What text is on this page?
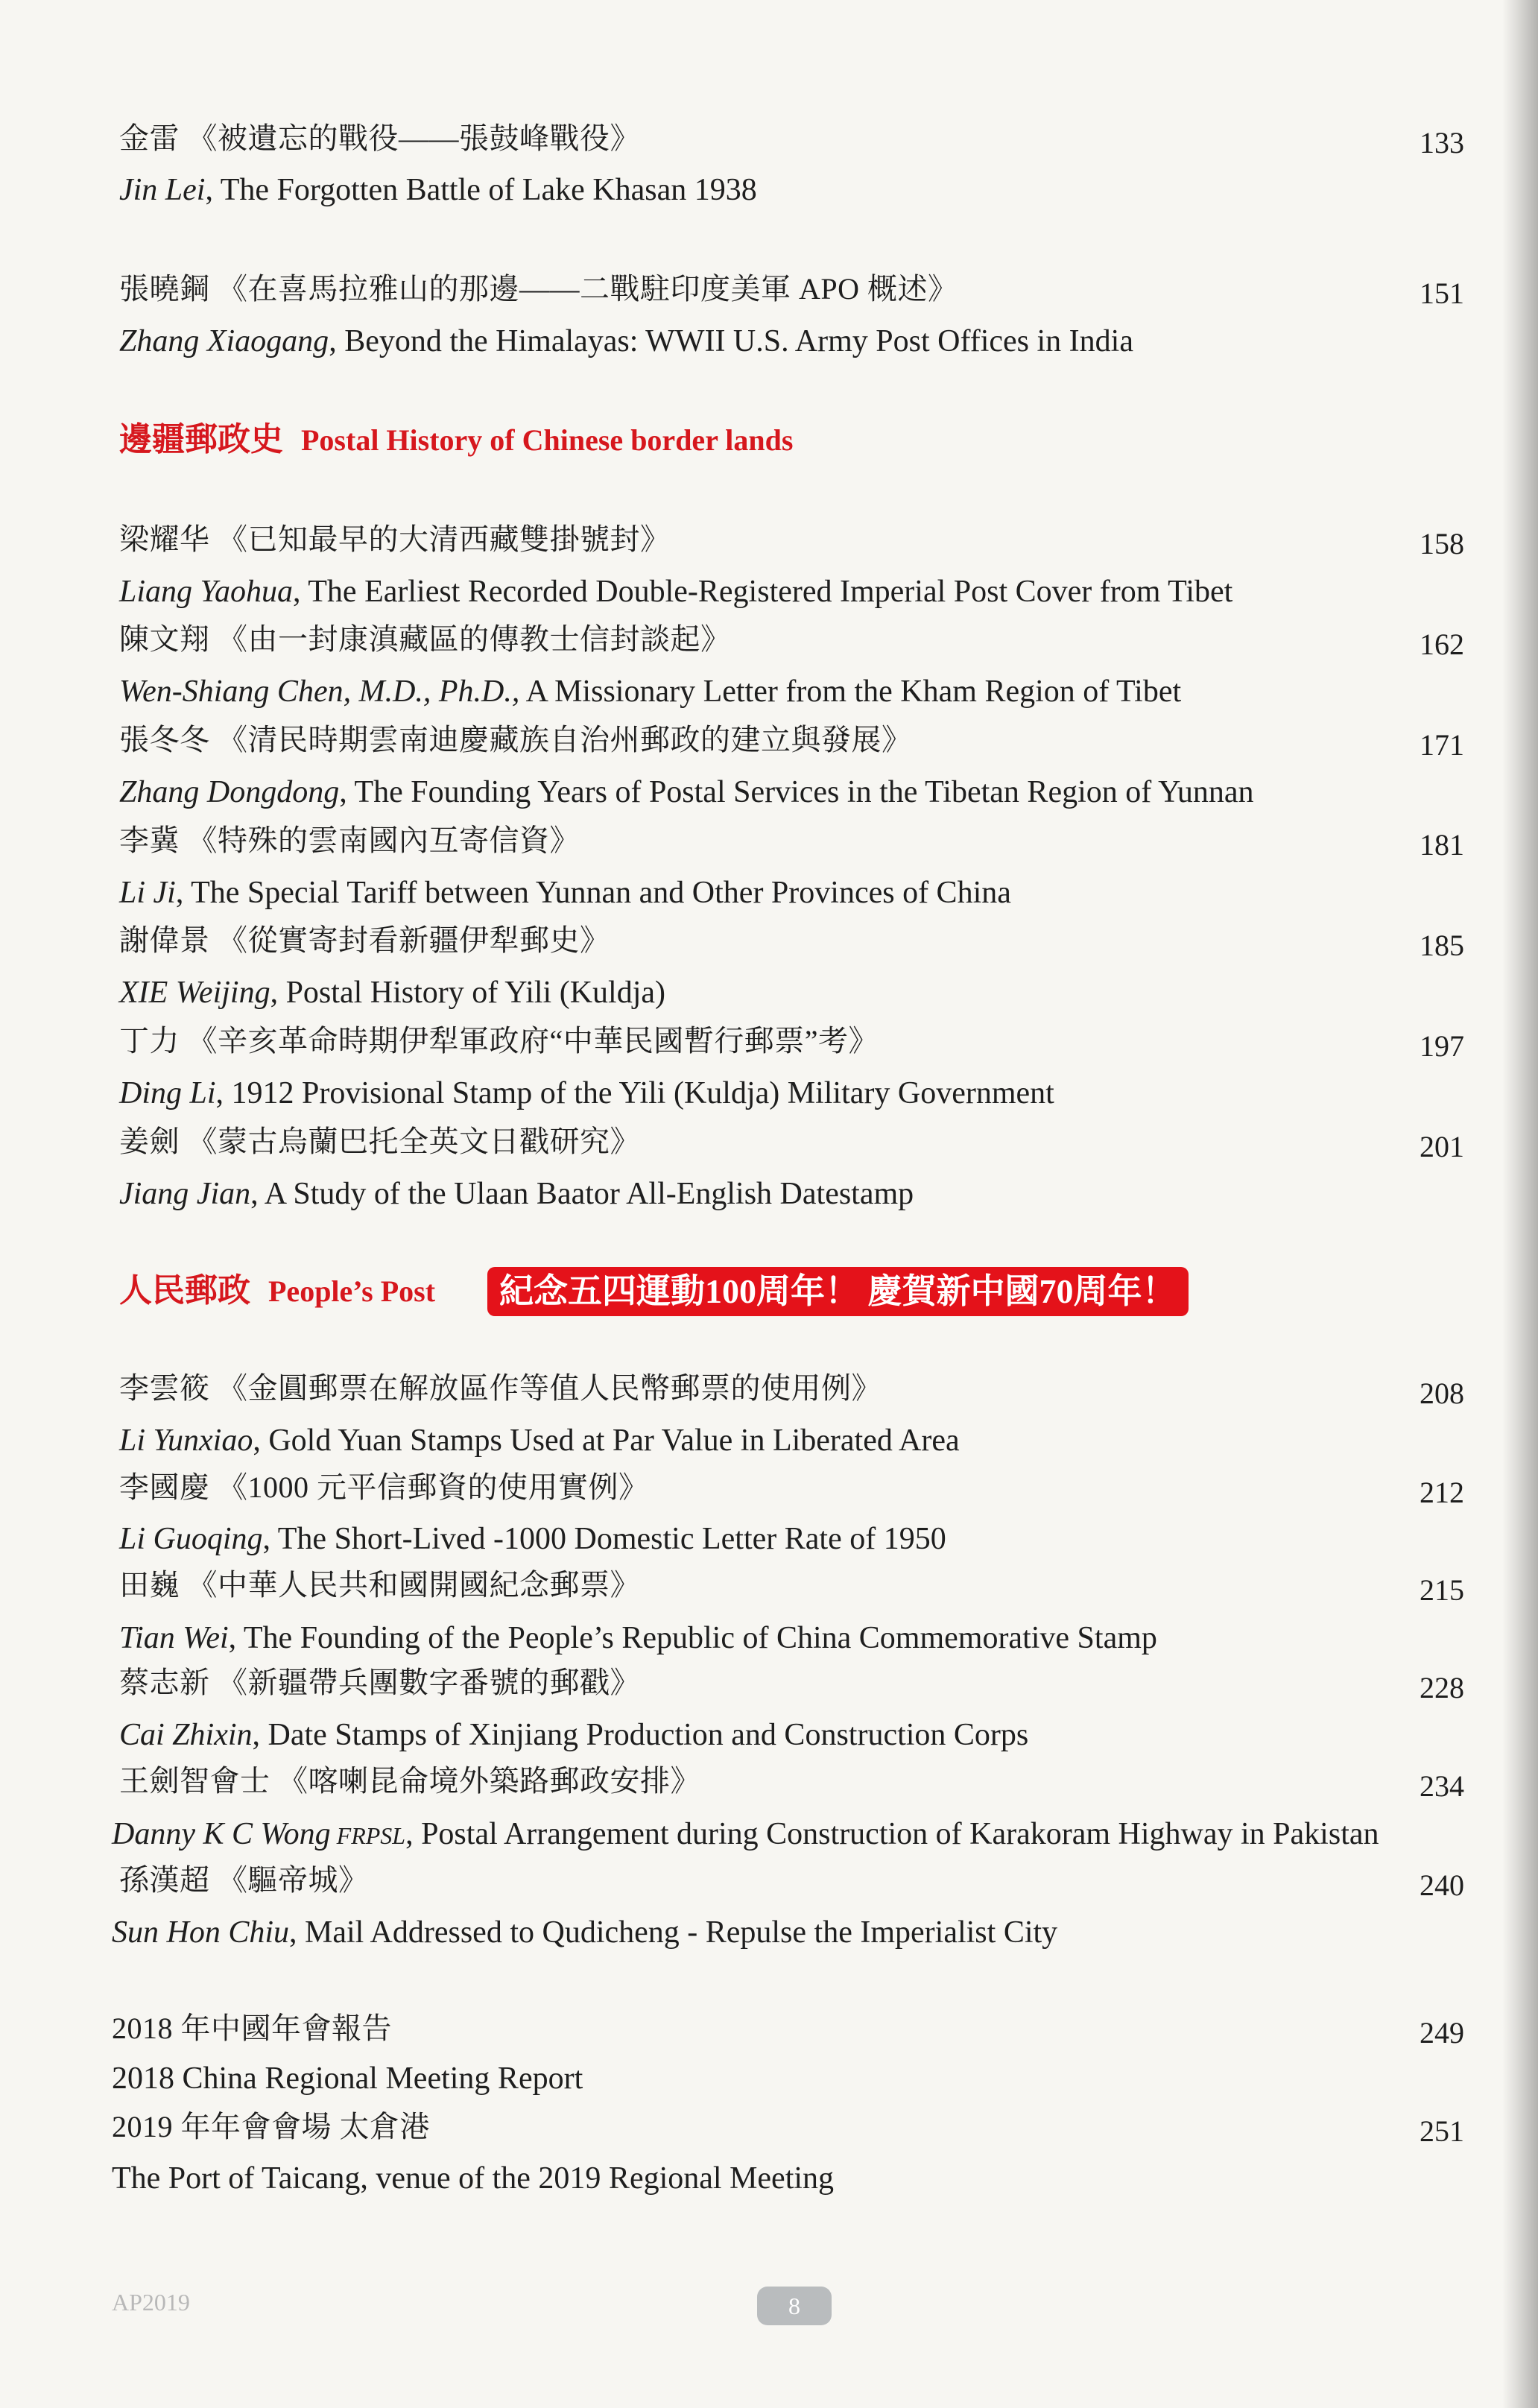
金雷 《被遺忘的戰役——張鼓峰戰役》	133
Jin Lei, The Forgotten Battle of Lake Khasan 1938
張曉鋼 《在喜馬拉雅山的那邊——二戰駐印度美軍 APO 概述》	151
Zhang Xiaogang, Beyond the Himalayas: WWII U.S. Army Post Offices in India
邊疆郵政史 Postal History of Chinese border lands
梁耀华 《已知最早的大清西藏雙掛號封》	158
Liang Yaohua, The Earliest Recorded Double-Registered Imperial Post Cover from Tibet
陳文翔 《由一封康滇藏區的傳教士信封談起》	162
Wen-Shiang Chen, M.D., Ph.D., A Missionary Letter from the Kham Region of Tibet
張冬冬 《清民時期雲南迪慶藏族自治州郵政的建立與發展》	171
Zhang Dongdong, The Founding Years of Postal Services in the Tibetan Region of Yunnan
李冀 《特殊的雲南國內互寄信資》	181
Li Ji, The Special Tariff between Yunnan and Other Provinces of China
謝偉景 《從實寄封看新疆伊犁郵史》	185
XIE Weijing, Postal History of Yili (Kuldja)
丁力 《辛亥革命時期伊犁軍政府“中華民國暫行郵票”考》	197
Ding Li, 1912 Provisional Stamp of the Yili (Kuldja) Military Government
姜劍 《蒙古烏蘭巴托全英文日戳研究》	201
Jiang Jian, A Study of the Ulaan Baator All-English Datestamp
人民郵政 People’s Post	紀念五四運動100周年！ 慶賀新中國70周年！
李雲筱 《金圓郵票在解放區作等值人民幣郵票的使用例》	208
Li Yunxiao, Gold Yuan Stamps Used at Par Value in Liberated Area
李國慶 《1000 元平信郵資的使用實例》	212
Li Guoqing, The Short-Lived -1000 Domestic Letter Rate of 1950
田巍 《中華人民共和國開國紀念郵票》	215
Tian Wei, The Founding of the People’s Republic of China Commemorative Stamp
蔡志新 《新疆帶兵團數字番號的郵戳》	228
Cai Zhixin, Date Stamps of Xinjiang Production and Construction Corps
王劍智會士 《喀喇昆侖境外築路郵政安排》	234
Danny K C Wong FRPSL, Postal Arrangement during Construction of Karakoram Highway in Pakistan
孫漢超 《驅帝城》	240
Sun Hon Chiu, Mail Addressed to Qudicheng - Repulse the Imperialist City
2018 年中國年會報告	249
2018 China Regional Meeting Report
2019 年年會會場 太倉港	251
The Port of Taicang, venue of the 2019 Regional Meeting
AP2019	8
